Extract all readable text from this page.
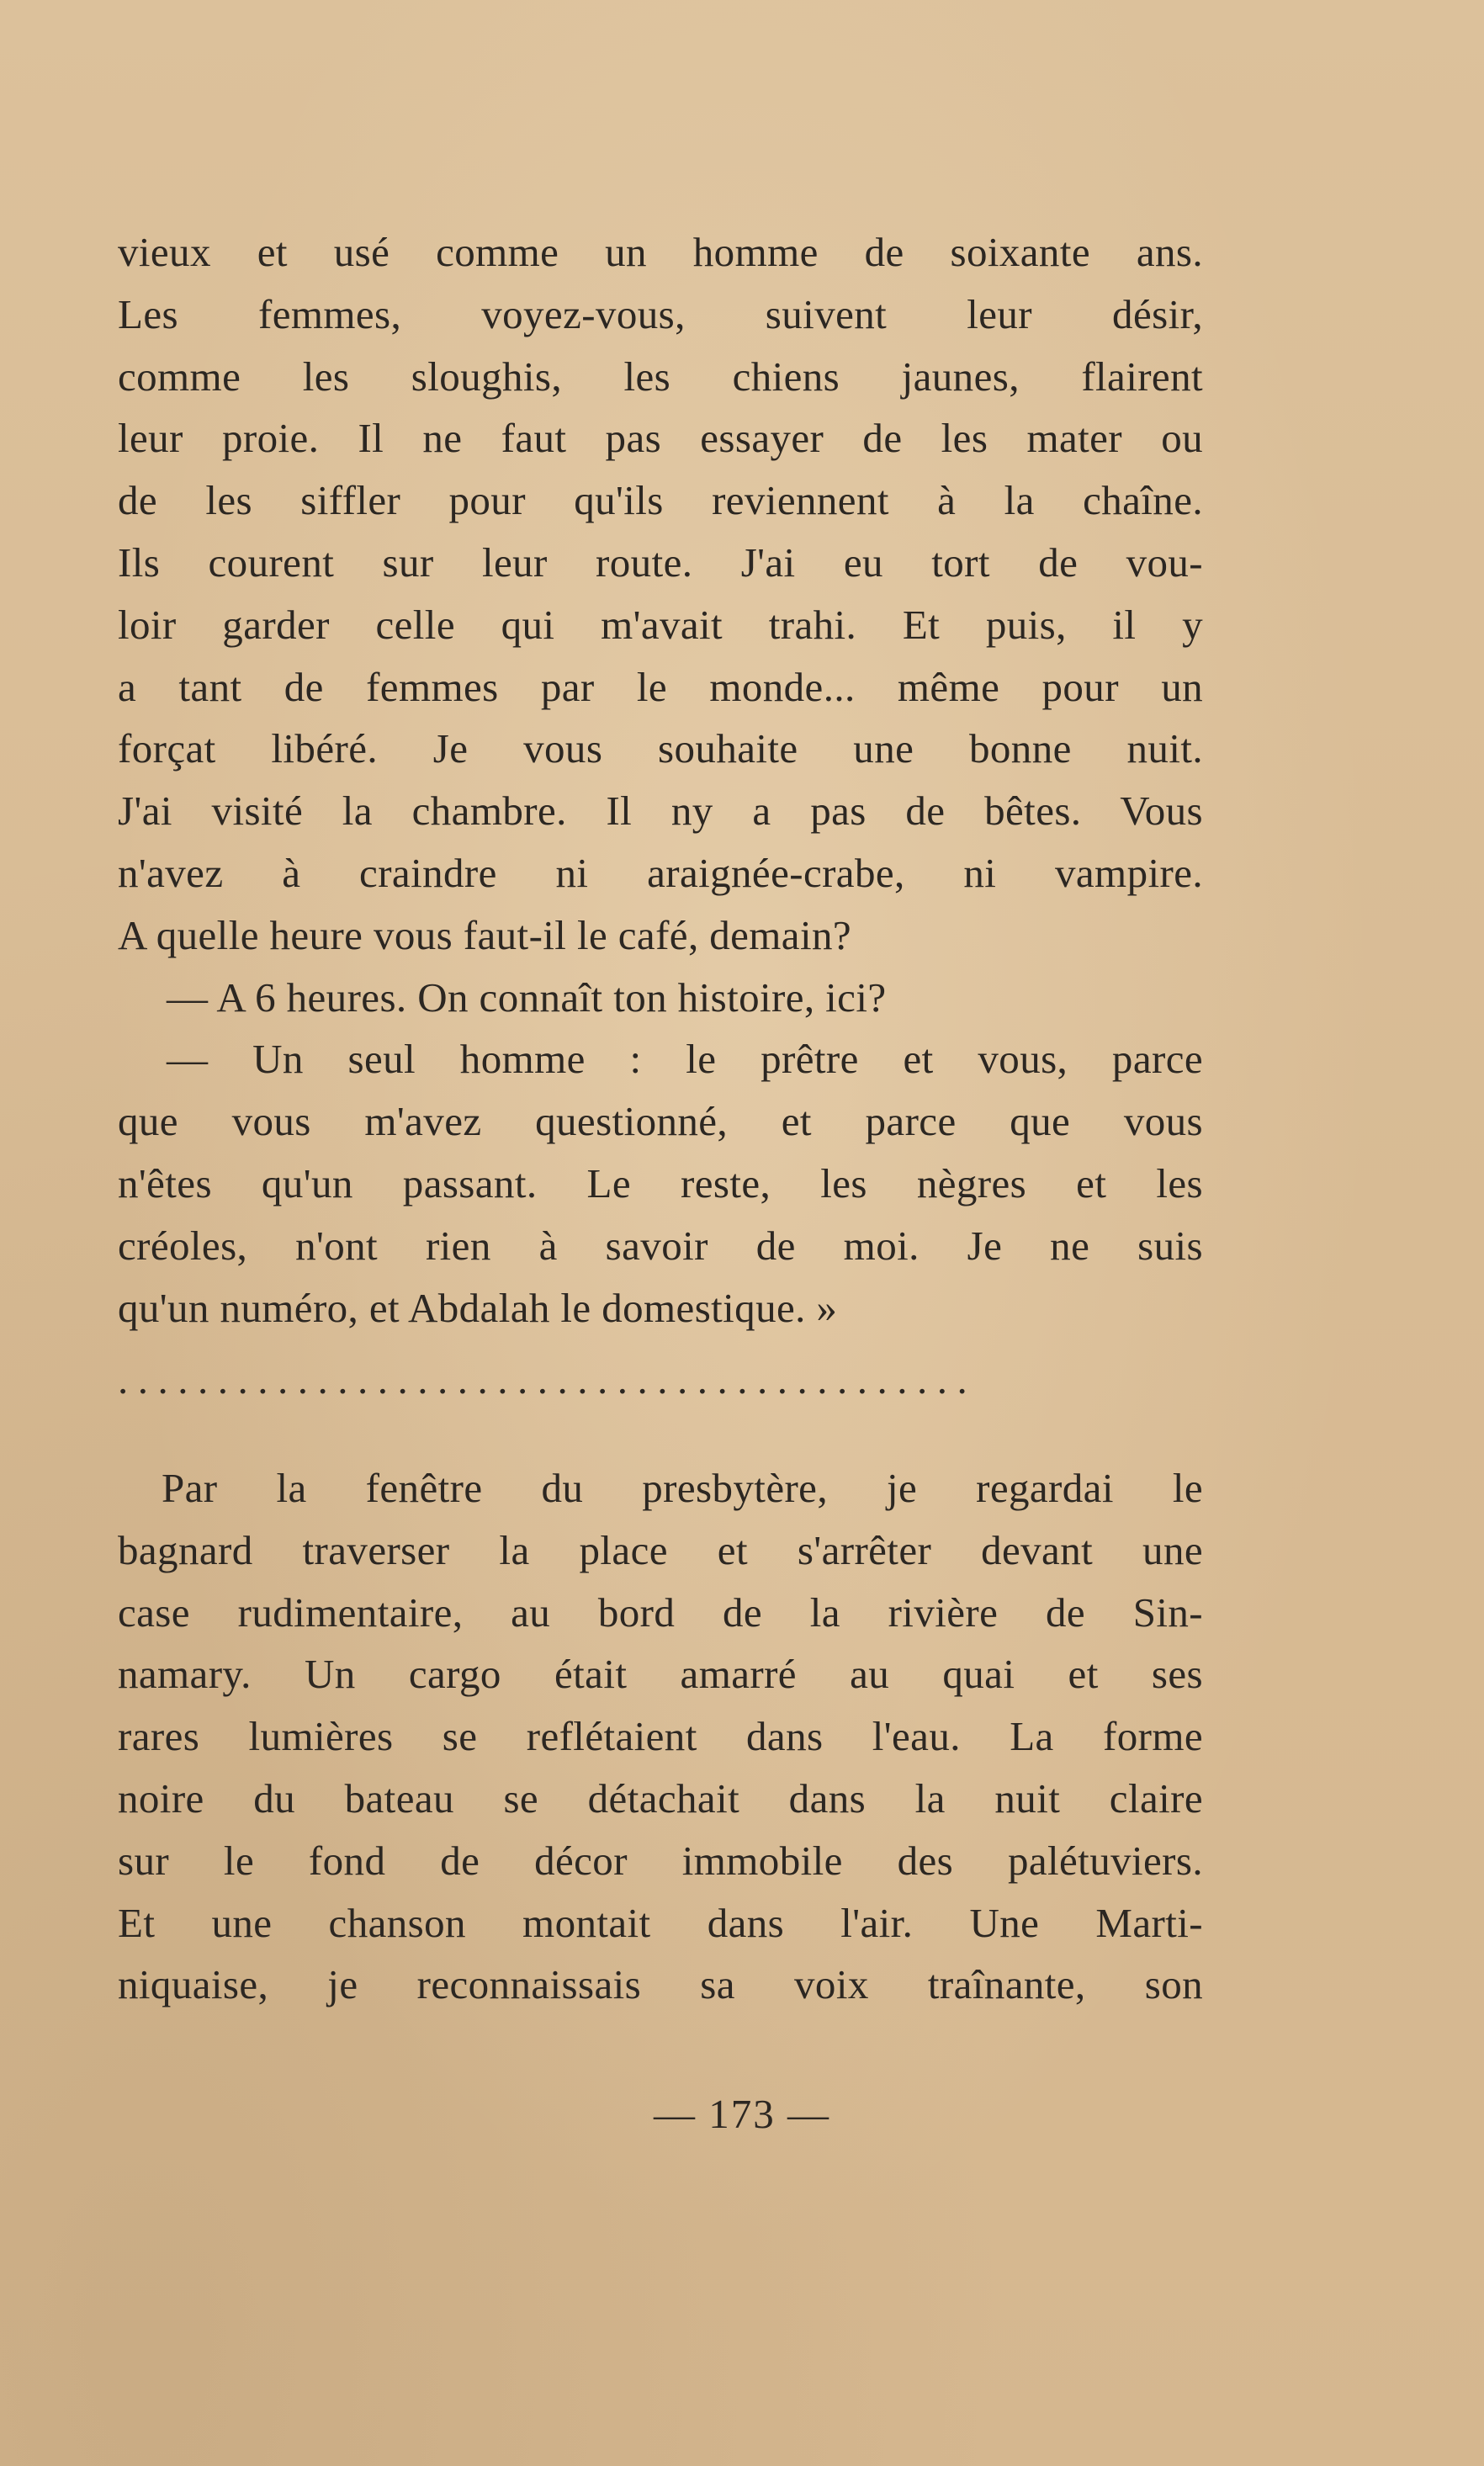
vieux et usé comme un homme de soixante ans.
Les femmes, voyez-vous, suivent leur désir,
comme les sloughis, les chiens jaunes, flairent
leur proie. Il ne faut pas essayer de les mater ou
de les siffler pour qu'ils reviennent à la chaîne.
Ils courent sur leur route. J'ai eu tort de vou-
loir garder celle qui m'avait trahi. Et puis, il y
a tant de femmes par le monde... même pour un
forçat libéré. Je vous souhaite une bonne nuit.
J'ai visité la chambre. Il ny a pas de bêtes. Vous
n'avez à craindre ni araignée-crabe, ni vampire.
A quelle heure vous faut-il le café, demain?
— A 6 heures. On connaît ton histoire, ici?
— Un seul homme : le prêtre et vous, parce
que vous m'avez questionné, et parce que vous
n'êtes qu'un passant. Le reste, les nègres et les
créoles, n'ont rien à savoir de moi. Je ne suis
qu'un numéro, et Abdalah le domestique. »
...........................................
Par la fenêtre du presbytère, je regardai le
bagnard traverser la place et s'arrêter devant une
case rudimentaire, au bord de la rivière de Sin-
namary. Un cargo était amarré au quai et ses
rares lumières se reflétaient dans l'eau. La forme
noire du bateau se détachait dans la nuit claire
sur le fond de décor immobile des palétuviers.
Et une chanson montait dans l'air. Une Marti-
niquaise, je reconnaissais sa voix traînante, son
— 173 —
